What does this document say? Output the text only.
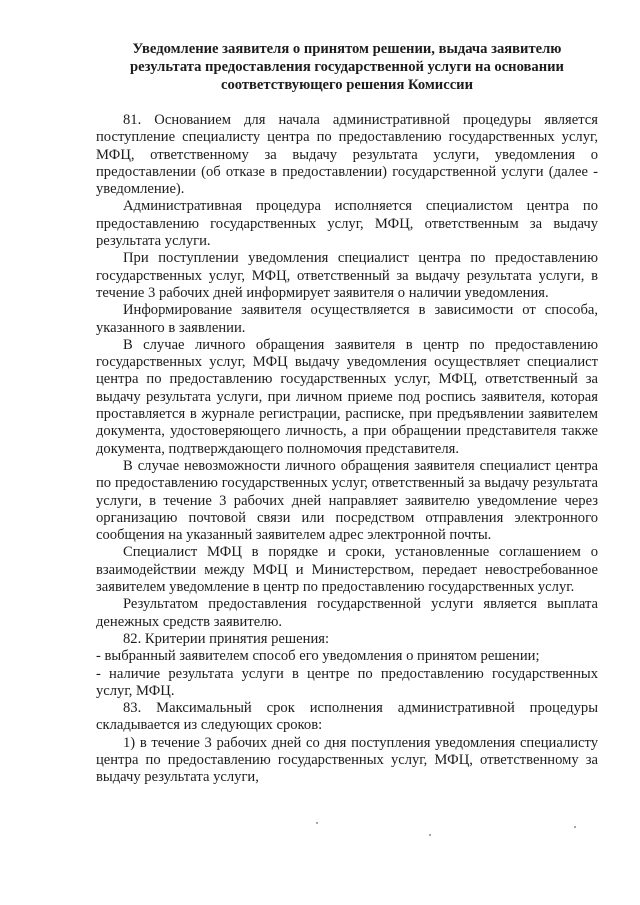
Уведомление заявителя о принятом решении, выдача заявителю
результата предоставления государственной услуги на основании
соответствующего решения Комиссии

81. Основанием для начала административной процедуры является поступление специалисту центра по предоставлению государственных услуг, МФЦ, ответственному за выдачу результата услуги, уведомления о предоставлении (об отказе в предоставлении) государственной услуги (далее - уведомление).

Административная процедура исполняется специалистом центра по предоставлению государственных услуг, МФЦ, ответственным за выдачу результата услуги.

При поступлении уведомления специалист центра по предоставлению государственных услуг, МФЦ, ответственный за выдачу результата услуги, в течение 3 рабочих дней информирует заявителя о наличии уведомления.

Информирование заявителя осуществляется в зависимости от способа, указанного в заявлении.

В случае личного обращения заявителя в центр по предоставлению государственных услуг, МФЦ выдачу уведомления осуществляет специалист центра по предоставлению государственных услуг, МФЦ, ответственный за выдачу результата услуги, при личном приеме под роспись заявителя, которая проставляется в журнале регистрации, расписке, при предъявлении заявителем документа, удостоверяющего личность, а при обращении представителя также документа, подтверждающего полномочия представителя.

В случае невозможности личного обращения заявителя специалист центра по предоставлению государственных услуг, ответственный за выдачу результата услуги, в течение 3 рабочих дней направляет заявителю уведомление через организацию почтовой связи или посредством отправления электронного сообщения на указанный заявителем адрес электронной почты.

Специалист МФЦ в порядке и сроки, установленные соглашением о взаимодействии между МФЦ и Министерством, передает невостребованное заявителем уведомление в центр по предоставлению государственных услуг.

Результатом предоставления государственной услуги является выплата денежных средств заявителю.

82. Критерии принятия решения:

- выбранный заявителем способ его уведомления о принятом решении;

- наличие результата услуги в центре по предоставлению государственных услуг, МФЦ.

83. Максимальный срок исполнения административной процедуры складывается из следующих сроков:

1) в течение 3 рабочих дней со дня поступления уведомления специалисту центра по предоставлению государственных услуг, МФЦ, ответственному за выдачу результата услуги,
